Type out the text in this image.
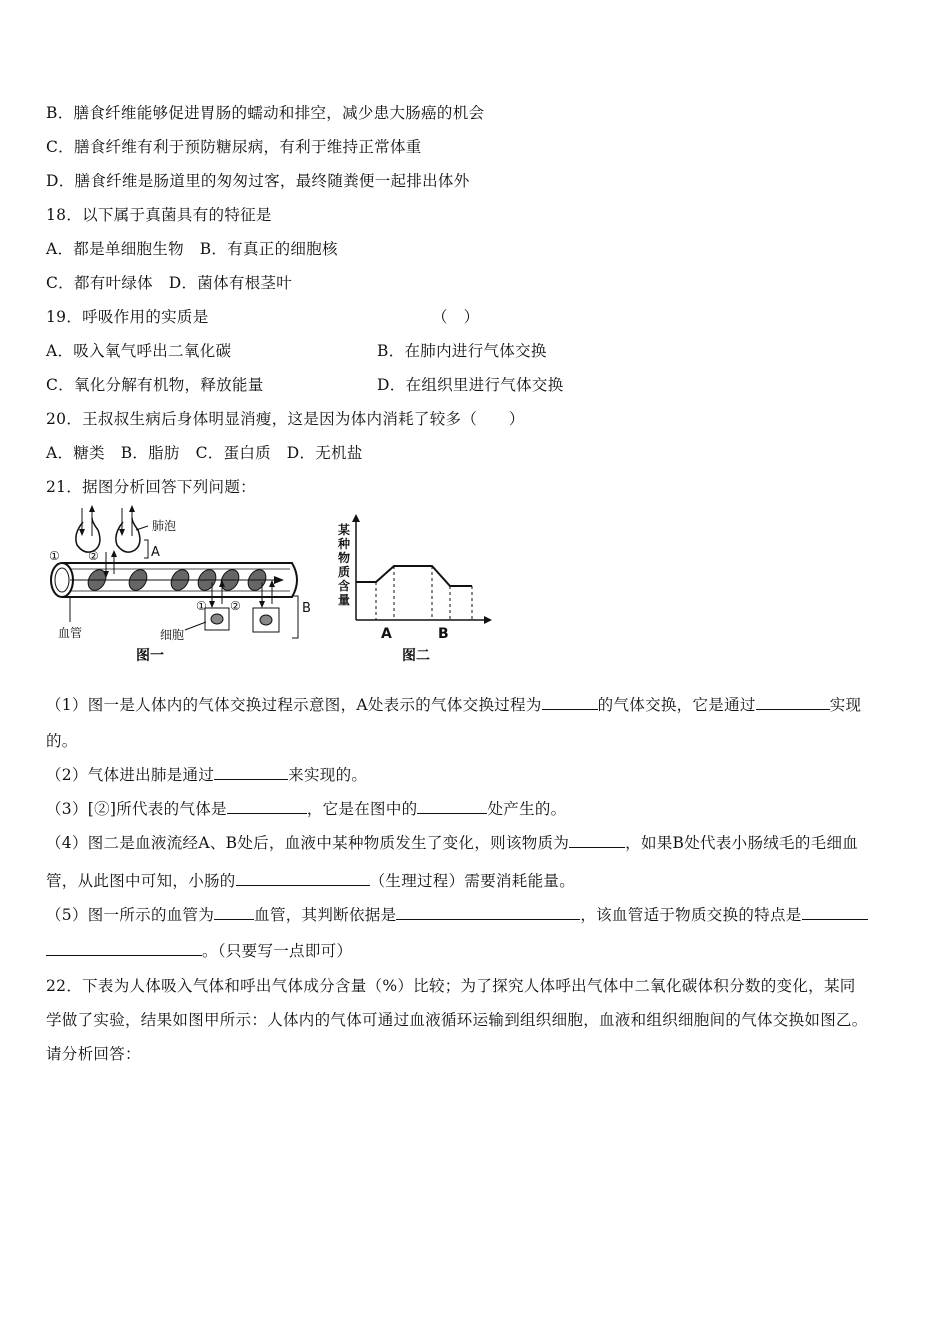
B．膳食纤维能够促进胃肠的蠕动和排空，减少患大肠癌的机会
C．膳食纤维有利于预防糖尿病，有利于维持正常体重
D．膳食纤维是肠道里的匆匆过客，最终随粪便一起排出体外
18．以下属于真菌具有的特征是
A．都是单细胞生物　B．有真正的细胞核
C．都有叶绿体　D．菌体有根茎叶
19．呼吸作用的实质是	（　）
A．吸入氧气呼出二氧化碳	B．在肺内进行气体交换
C．氧化分解有机物，释放能量	D．在组织里进行气体交换
20．王叔叔生病后身体明显消瘦，这是因为体内消耗了较多（　　）
A．糖类　B．脂肪　C．蛋白质　D．无机盐
21．据图分析回答下列问题：
① ②
肺泡
A
① ②	B
血管	细胞
图一
某
种
物
质
含
量
A	B
图二
（1）图一是人体内的气体交换过程示意图，A处表示的气体交换过程为	的气体交换，它是通过	实现
的。
（2）气体进出肺是通过	来实现的。
（3）[②]所代表的气体是	，它是在图中的	处产生的。
（4）图二是血液流经A、B处后，血液中某种物质发生了变化，则该物质为	，如果B处代表小肠绒毛的毛细血
管，从此图中可知，小肠的	（生理过程）需要消耗能量。
（5）图一所示的血管为	血管，其判断依据是	，该血管适于物质交换的特点是
。（只要写一点即可）
22．下表为人体吸入气体和呼出气体成分含量（%）比较；为了探究人体呼出气体中二氧化碳体积分数的变化，某同
学做了实验，结果如图甲所示：人体内的气体可通过血液循环运输到组织细胞，血液和组织细胞间的气体交换如图乙。
请分析回答：
